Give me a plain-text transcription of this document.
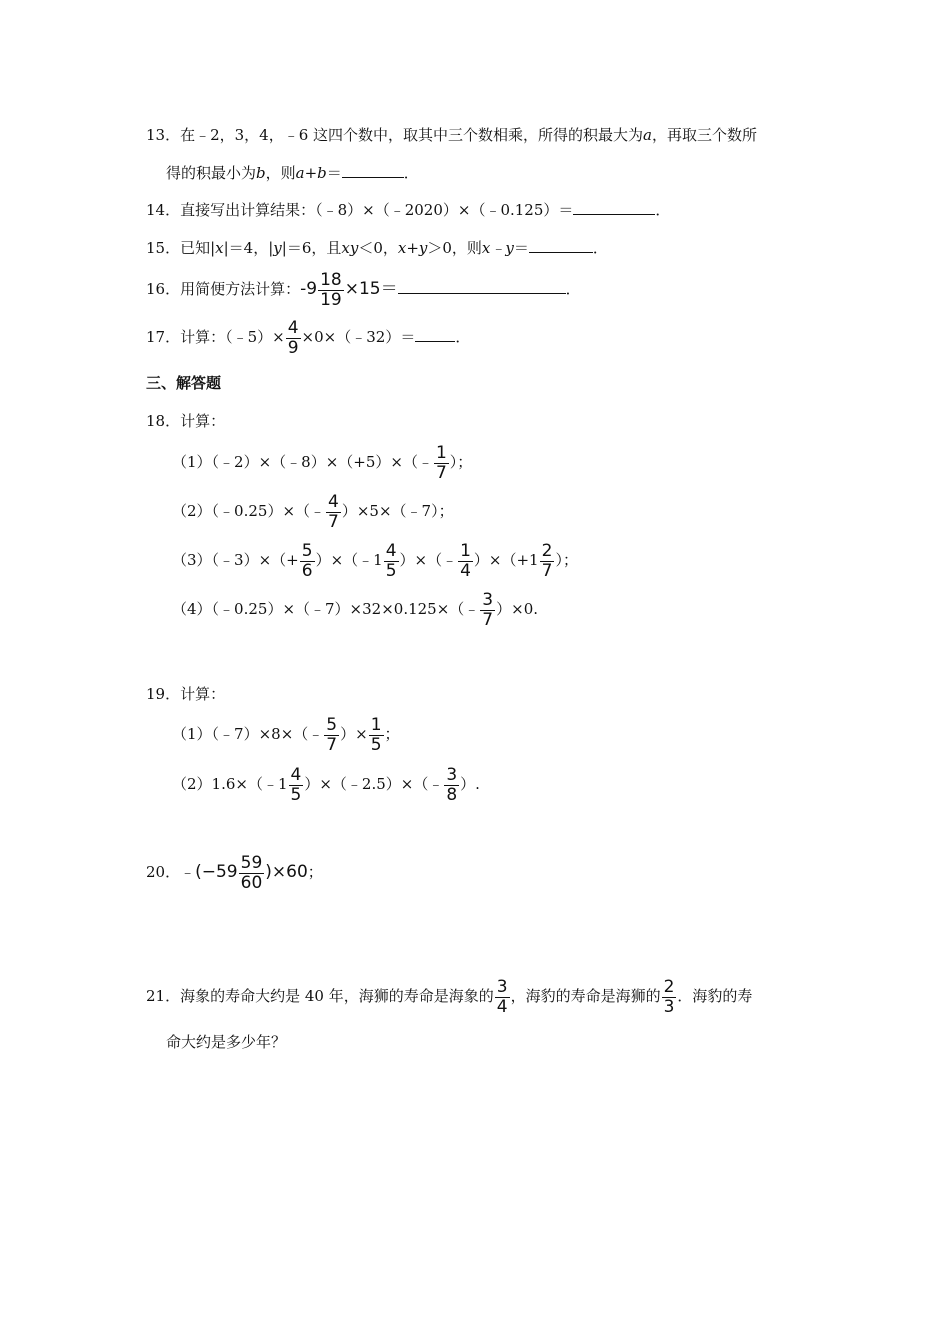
13．在﹣2，3，4，﹣6 这四个数中，取其中三个数相乘，所得的积最大为a，再取三个数所
得的积最小为b，则a+b＝	．
14．直接写出计算结果：（﹣8）×（﹣2020）×（﹣0.125）＝	．
15．已知|x|＝4，|y|＝6，且xy＜0，x+y＞0，则x﹣y＝	．
16．用简便方法计算：$-9 \frac{18}{19} \times 15=$	．
17．计算：（﹣5）× $\frac{4}{9}$ ×0×（﹣32）＝	．
三、解答题
18．计算：
（1）（﹣2）×（﹣8）×（+5）×（﹣ $\frac{1}{7}$ ）；
（2）（﹣0.25）×（﹣ $\frac{4}{7}$ ）×5×（﹣7）；
（3）（﹣3）×（+ $\frac{5}{6}$ ）×（﹣1 $\frac{4}{5}$ ）×（﹣ $\frac{1}{4} )\times(+1 \frac{2}{7}$ ）；
（4）（﹣0.25）×（﹣7）×32×0.125×（﹣ $\frac{3}{7} )\times 0$.
19．计算：
（1）（﹣7）×8×（﹣ $\frac{5}{7}$ ）× $\frac{1}{5}$ ；
（2）1.6×（﹣1 $\frac{4}{5}$ ）×（﹣2.5）×（﹣ $\frac{3}{8}$ ）.
20．﹣(−59 $\frac{59}{60} )\times 60$；
21．海象的寿命大约是 40 年，海狮的寿命是海象的 $\frac{3}{4}$ ，海豹的寿命是海狮的 $\frac{2}{3}$ ．海豹的寿
命大约是多少年？
